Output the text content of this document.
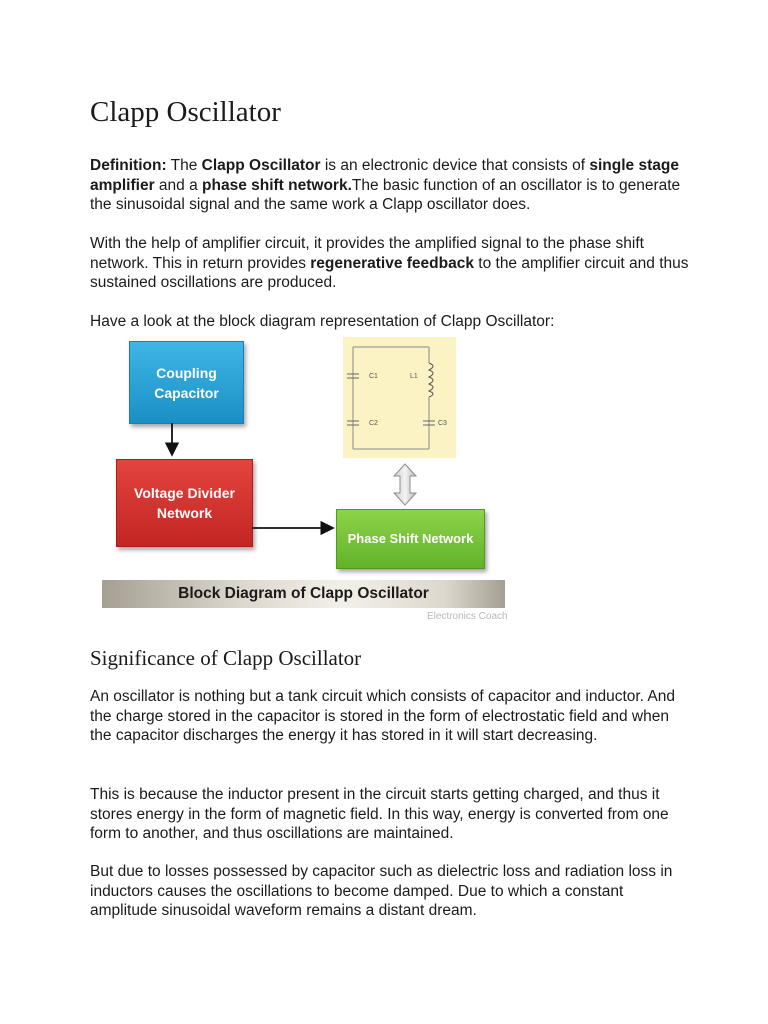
Clapp Oscillator

Definition: The Clapp Oscillator is an electronic device that consists of single stage amplifier and a phase shift network.The basic function of an oscillator is to generate the sinusoidal signal and the same work a Clapp oscillator does.

With the help of amplifier circuit, it provides the amplified signal to the phase shift network. This in return provides regenerative feedback to the amplifier circuit and thus sustained oscillations are produced.

Have a look at the block diagram representation of Clapp Oscillator:

Significance of Clapp Oscillator

An oscillator is nothing but a tank circuit which consists of capacitor and inductor. And the charge stored in the capacitor is stored in the form of electrostatic field and when the capacitor discharges the energy it has stored in it will start decreasing.

This is because the inductor present in the circuit starts getting charged, and thus it stores energy in the form of magnetic field. In this way, energy is converted from one form to another, and thus oscillations are maintained.

But due to losses possessed by capacitor such as dielectric loss and radiation loss in inductors causes the oscillations to become damped. Due to which a constant amplitude sinusoidal waveform remains a distant dream.

Coupling
Capacitor
Voltage Divider
Network
Phase Shift Network
C1	L1
C2	C3
Block Diagram of Clapp Oscillator
Electronics Coach
